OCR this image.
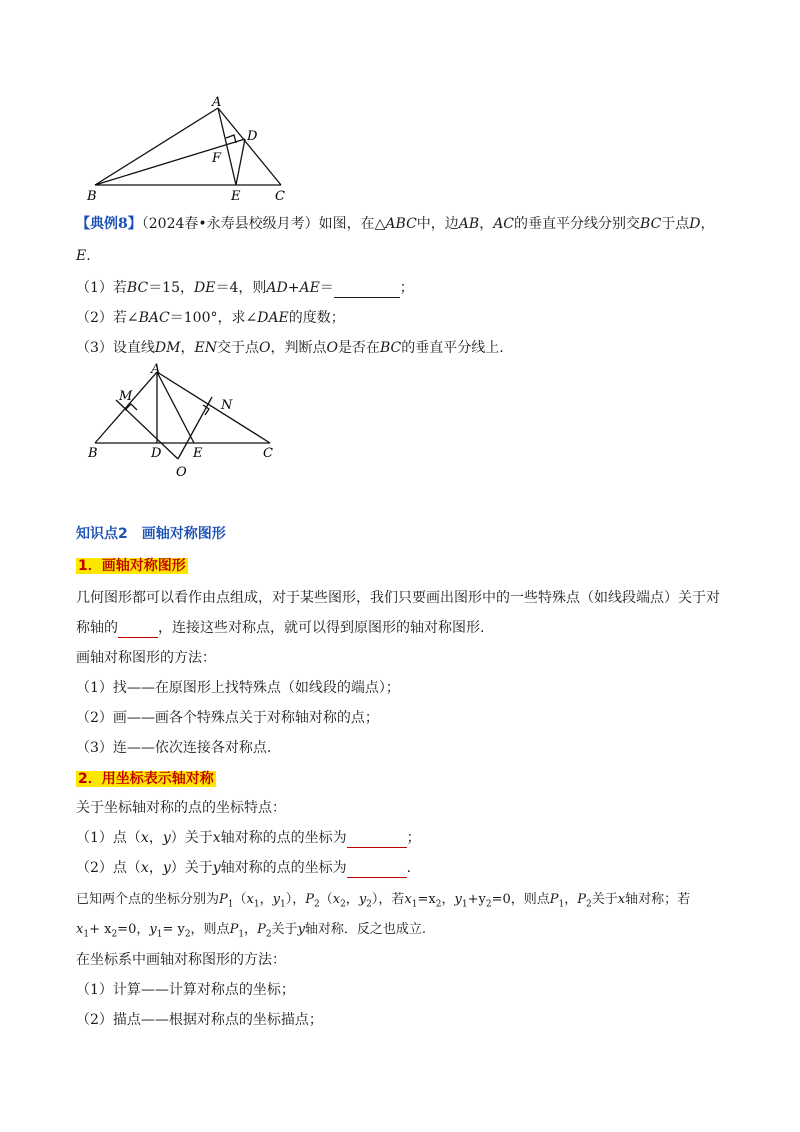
A
B	C
D
E
F
【典例8】（2024春•永寿县校级月考）如图，在△ABC中，边AB，AC的垂直平分线分别交BC于点D，
E.
（1）若BC＝15，DE＝4，则AD+AE＝	；
（2）若∠BAC＝100°，求∠DAE的度数；
（3）设直线DM，EN交于点O，判断点O是否在BC的垂直平分线上.
A
B	C
D E
M
N
O
知识点2　画轴对称图形
1．画轴对称图形
几何图形都可以看作由点组成，对于某些图形，我们只要画出图形中的一些特殊点（如线段端点）关于对
称轴的	，连接这些对称点，就可以得到原图形的轴对称图形.
画轴对称图形的方法：
（1）找——在原图形上找特殊点（如线段的端点）；
（2）画——画各个特殊点关于对称轴对称的点；
（3）连——依次连接各对称点.
2．用坐标表示轴对称
关于坐标轴对称的点的坐标特点：
（1）点（x，y）关于x轴对称的点的坐标为	；
（2）点（x，y）关于y轴对称的点的坐标为	.
已知两个点的坐标分别为$P_1(x_1$，$y_1$），$P_2(x_2$，$y_2$），若$x_1=x_2$，$y_1+y_2=0$，则点$P_1$，$P_2$关于x轴对称；若
$x_1+ x_2=0$，$y_1= y_2$，则点$P_1$，$P_2$关于y轴对称．反之也成立.
在坐标系中画轴对称图形的方法：
（1）计算——计算对称点的坐标；
（2）描点——根据对称点的坐标描点；
